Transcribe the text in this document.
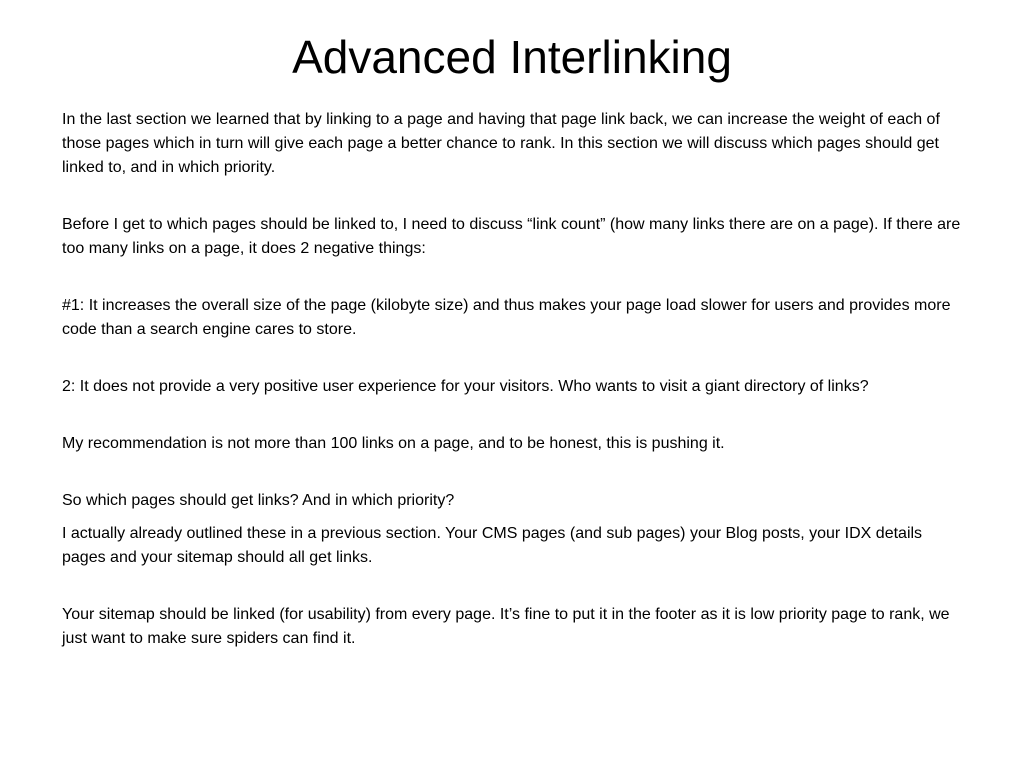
Advanced Interlinking

In the last section we learned that by linking to a page and having that page link back, we can increase the weight of each of those pages which in turn will give each page a better chance to rank. In this section we will discuss which pages should get linked to, and in which priority.

Before I get to which pages should be linked to, I need to discuss “link count” (how many links there are on a page). If there are too many links on a page, it does 2 negative things:

#1: It increases the overall size of the page (kilobyte size) and thus makes your page load slower for users and provides more code than a search engine cares to store.

2: It does not provide a very positive user experience for your visitors. Who wants to visit a giant directory of links?

My recommendation is not more than 100 links on a page, and to be honest, this is pushing it.

So which pages should get links? And in which priority?

I actually already outlined these in a previous section. Your CMS pages (and sub pages) your Blog posts, your IDX details pages and your sitemap should all get links.

Your sitemap should be linked (for usability) from every page. It’s fine to put it in the footer as it is low priority page to rank, we just want to make sure spiders can find it.
